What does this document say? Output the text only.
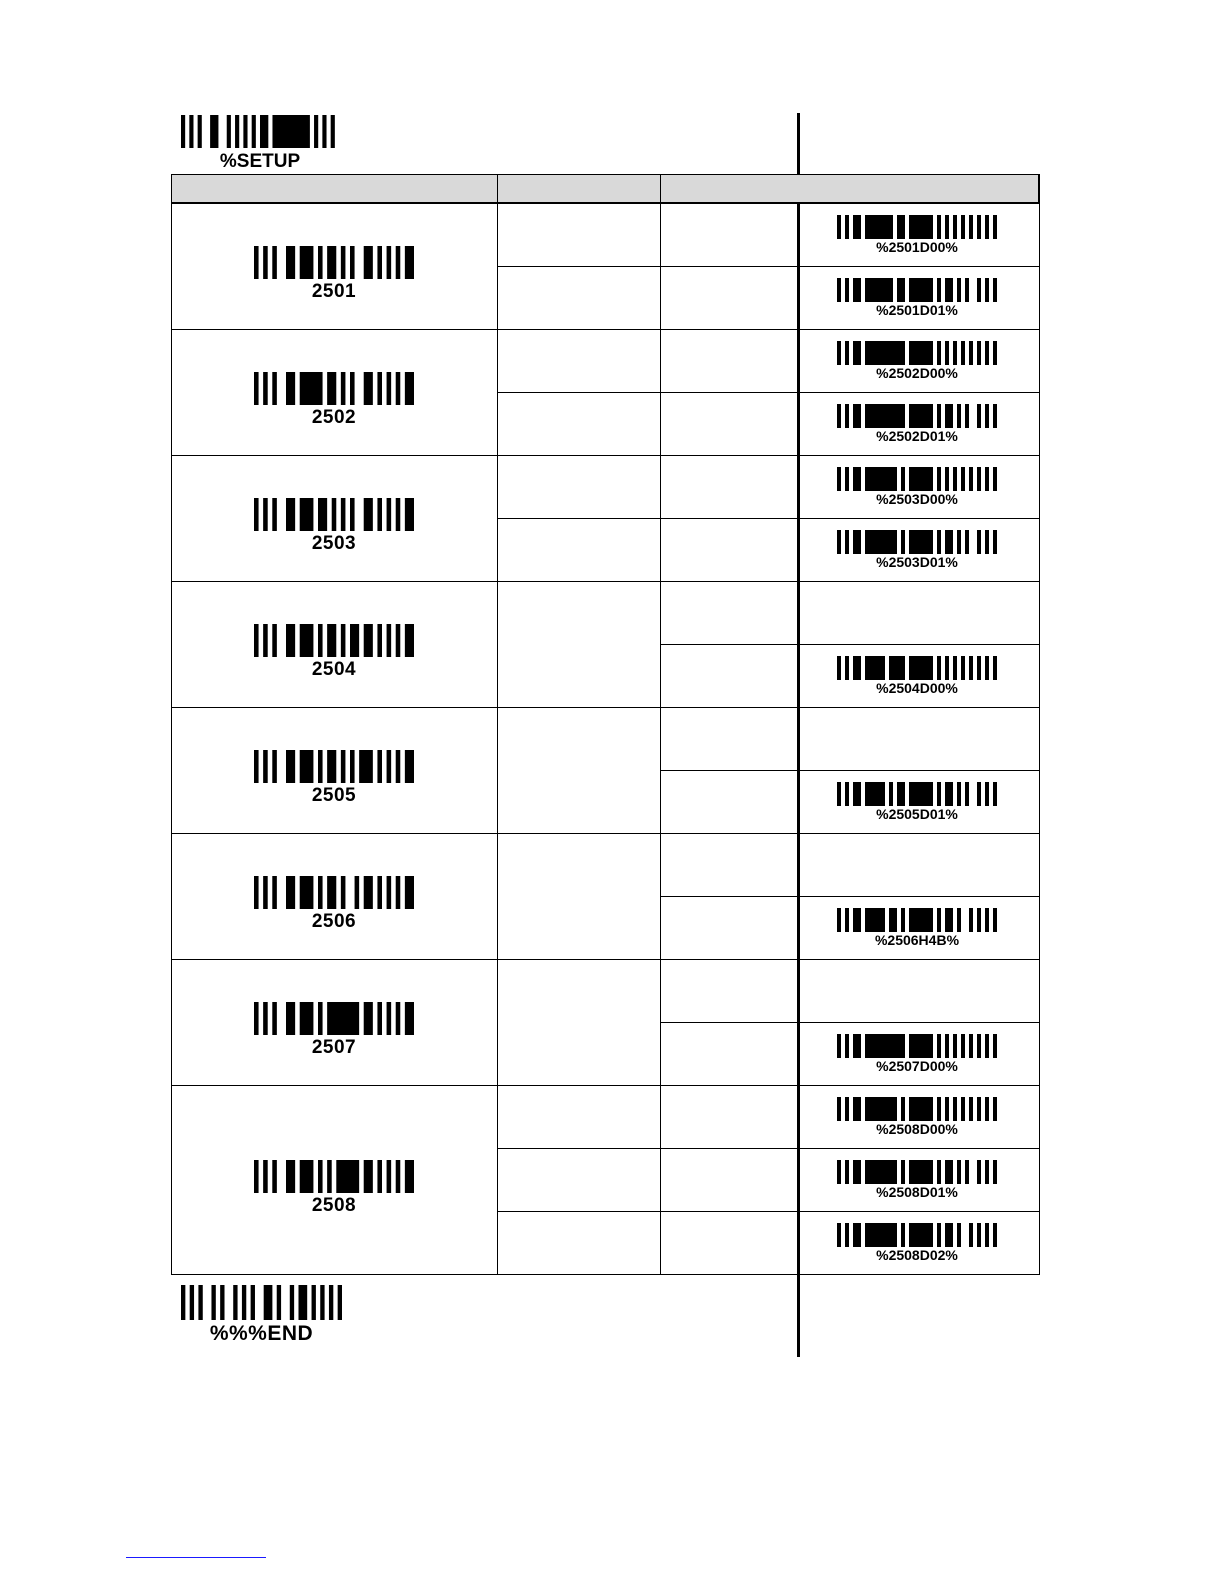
%SETUP
2501
%2501D00%
%2501D01%
2502
%2502D00%
%2502D01%
2503
%2503D00%
%2503D01%
2504
%2504D00%
2505
%2505D01%
2506
%2506H4B%
2507
%2507D00%
2508
%2508D00%
%2508D01%
%2508D02%
%%%END
